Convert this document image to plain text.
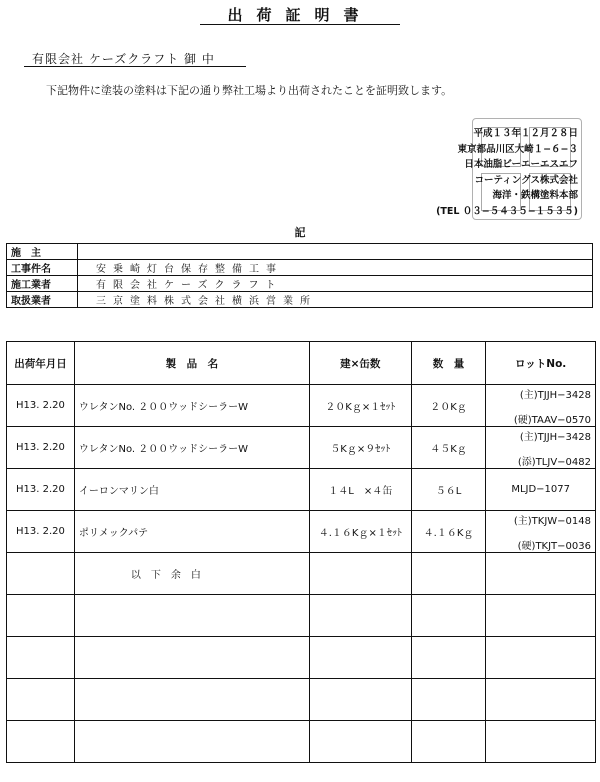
出荷証明書
有限会社 ケーズクラフト 御 中
下記物件に塗装の塗料は下記の通り弊社工場より出荷されたことを証明致します。
平成１３年１２月２８日
東京都品川区大崎１−６−３
日本油脂ビーエーエスエフ
コーティングス株式会社
海洋・鉄構塗料本部
(TEL ０３−５４３５−１５３５)
記
施　主	
工事件名	安乗崎灯台保存整備工事
施工業者	有限会社ケーズクラフト
取扱業者	三京塗料株式会社横浜営業所
出荷年月日	製　品　名	建×缶数	数　量	ロットNo.
H13. 2.20	ウレタンNo. ２００ウッドシーラーW	２０Kｇ×１ｾｯﾄ	２０Kｇ	(主)TJJH−3428
(硬)TAAV−0570

H13. 2.20	ウレタンNo. ２００ウッドシーラーW	５Kｇ×９ｾｯﾄ	４５Kｇ	(主)TJJH−3428
(添)TLJV−0482

H13. 2.20	イーロンマリン白	１４L　×４缶	５６L	MLJD−1077
H13. 2.20	ポリメックパテ	４.１６Kｇ×１ｾｯﾄ	４.１６Kｇ	(主)TKJW−0148
(硬)TKJT−0036

	以下余白			
